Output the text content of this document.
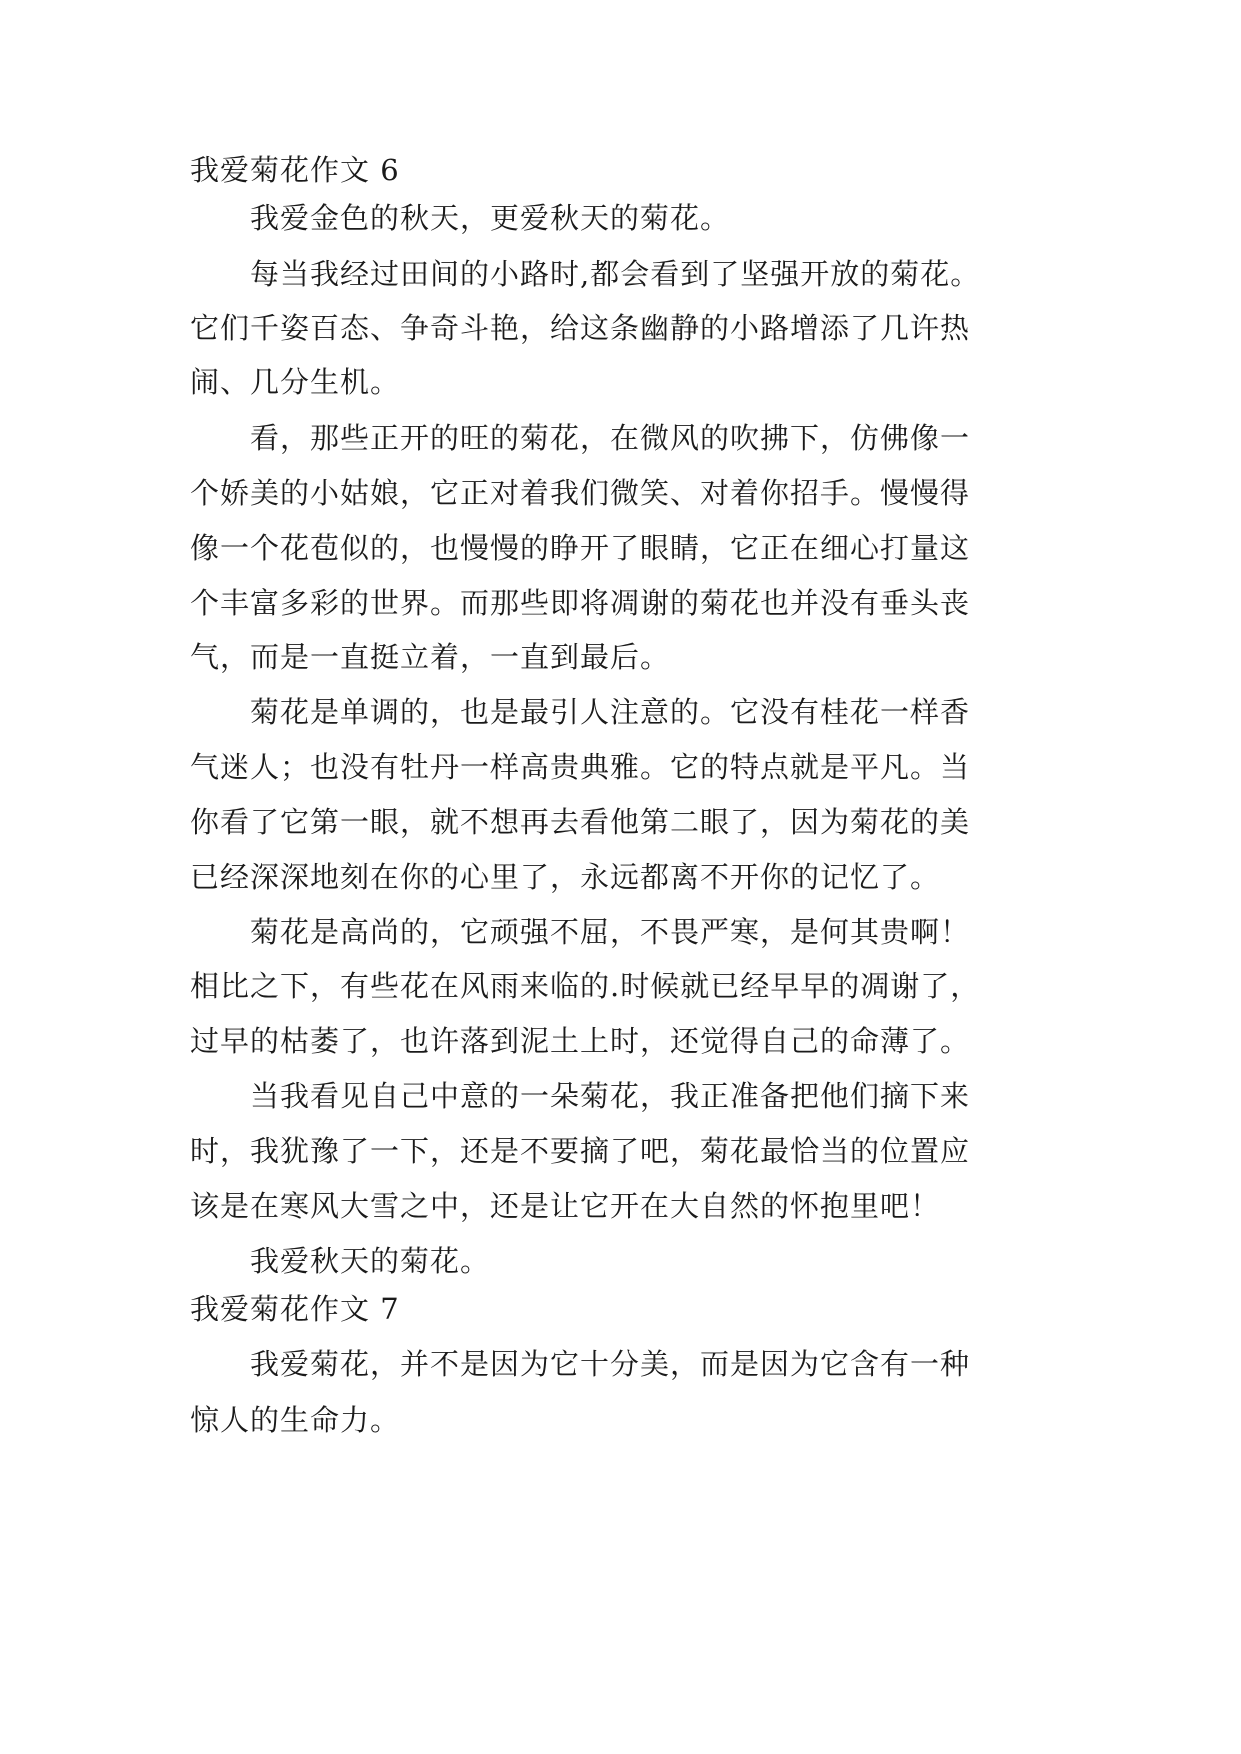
我爱菊花作文 6
我爱金色的秋天，更爱秋天的菊花。
每当我经过田间的小路时,都会看到了坚强开放的菊花。
它们千姿百态、争奇斗艳，给这条幽静的小路增添了几许热
闹、几分生机。
看，那些正开的旺的菊花，在微风的吹拂下，仿佛像一
个娇美的小姑娘，它正对着我们微笑、对着你招手。慢慢得
像一个花苞似的，也慢慢的睁开了眼睛，它正在细心打量这
个丰富多彩的世界。而那些即将凋谢的菊花也并没有垂头丧
气，而是一直挺立着，一直到最后。
菊花是单调的，也是最引人注意的。它没有桂花一样香
气迷人；也没有牡丹一样高贵典雅。它的特点就是平凡。当
你看了它第一眼，就不想再去看他第二眼了，因为菊花的美
已经深深地刻在你的心里了，永远都离不开你的记忆了。
菊花是高尚的，它顽强不屈，不畏严寒，是何其贵啊！
相比之下，有些花在风雨来临的.时候就已经早早的凋谢了，
过早的枯萎了，也许落到泥土上时，还觉得自己的命薄了。
当我看见自己中意的一朵菊花，我正准备把他们摘下来
时，我犹豫了一下，还是不要摘了吧，菊花最恰当的位置应
该是在寒风大雪之中，还是让它开在大自然的怀抱里吧！
我爱秋天的菊花。
我爱菊花作文 7
我爱菊花，并不是因为它十分美，而是因为它含有一种
惊人的生命力。
